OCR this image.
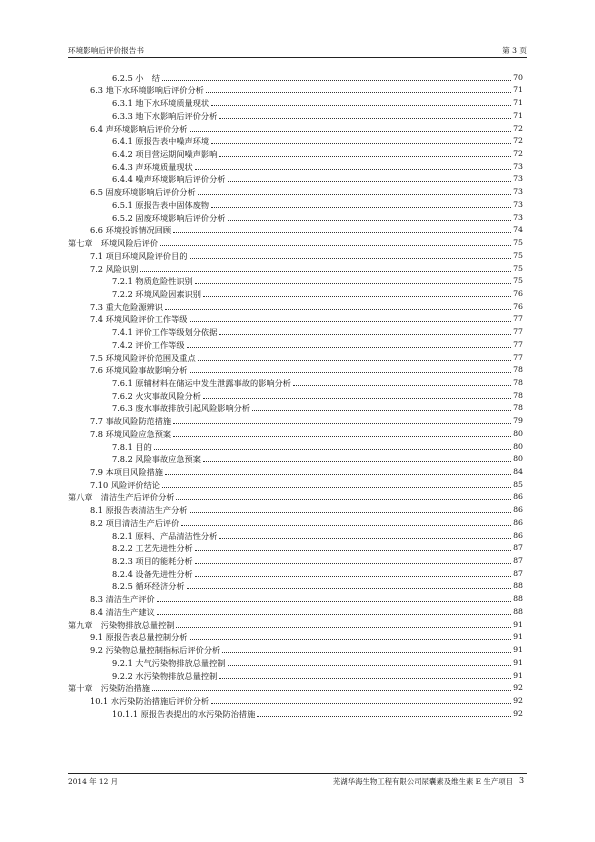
环境影响后评价报告书	第 3 页
6.2.5 小　结	70
6.3 地下水环境影响后评价分析	71
6.3.1 地下水环境质量现状	71
6.3.3 地下水影响后评价分析	71
6.4 声环境影响后评价分析	72
6.4.1 原报告表中噪声环境	72
6.4.2 项目营运期间噪声影响	72
6.4.3 声环境质量现状	73
6.4.4 噪声环境影响后评价分析	73
6.5 固废环境影响后评价分析	73
6.5.1 原报告表中固体废物	73
6.5.2 固废环境影响后评价分析	73
6.6 环境投诉情况回顾	74
第七章　环境风险后评价	75
7.1 项目环境风险评价目的	75
7.2 风险识别	75
7.2.1 物质危险性识别	75
7.2.2 环境风险因素识别	76
7.3 重大危险源辨识	76
7.4 环境风险评价工作等级	77
7.4.1 评价工作等级划分依据	77
7.4.2 评价工作等级	77
7.5 环境风险评价范围及重点	77
7.6 环境风险事故影响分析	78
7.6.1 原辅材料在储运中发生泄露事故的影响分析	78
7.6.2 火灾事故风险分析	78
7.6.3 废水事故排放引起风险影响分析	78
7.7 事故风险防范措施	79
7.8 环境风险应急预案	80
7.8.1 目的	80
7.8.2 风险事故应急预案	80
7.9 本项目风险措施	84
7.10 风险评价结论	85
第八章　清洁生产后评价分析	86
8.1 原报告表清洁生产分析	86
8.2 项目清洁生产后评价	86
8.2.1 原料、产品清洁性分析	86
8.2.2 工艺先进性分析	87
8.2.3 项目的能耗分析	87
8.2.4 设备先进性分析	87
8.2.5 循环经济分析	88
8.3 清洁生产评价	88
8.4 清洁生产建议	88
第九章　污染物排放总量控制	91
9.1 原报告表总量控制分析	91
9.2 污染物总量控制指标后评价分析	91
9.2.1 大气污染物排放总量控制	91
9.2.2 水污染物排放总量控制	91
第十章　污染防治措施	92
10.1 水污染防治措施后评价分析	92
10.1.1 原报告表提出的水污染防治措施	92
2014 年 12 月	芜湖华海生物工程有限公司尿囊素及维生素 E 生产项目 3
